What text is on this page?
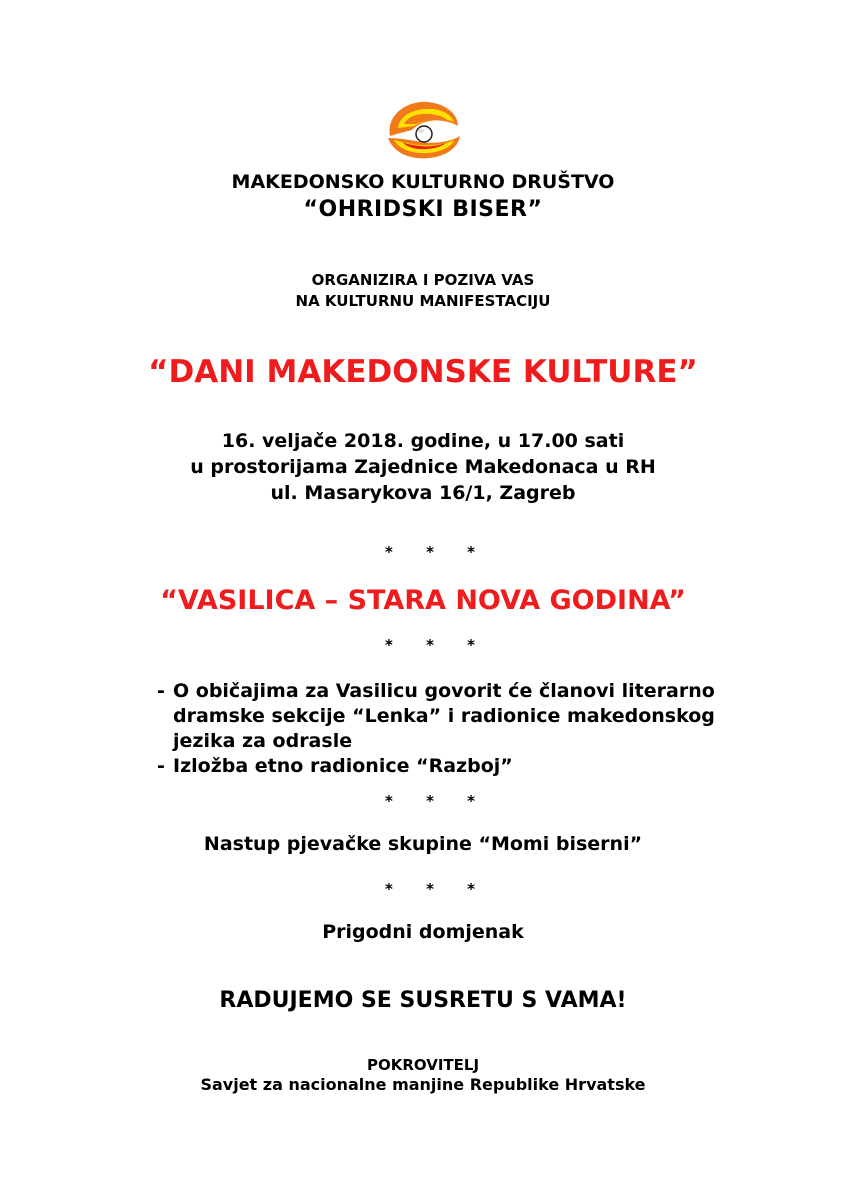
MAKEDONSKO KULTURNO DRUŠTVO
“OHRIDSKI BISER”
ORGANIZIRA I POZIVA VAS
NA KULTURNU MANIFESTACIJU
“DANI MAKEDONSKE KULTURE”
16. veljače 2018. godine, u 17.00 sati
u prostorijama Zajednice Makedonaca u RH
ul. Masarykova 16/1, Zagreb
* * *
“VASILICA – STARA NOVA GODINA”
* * *
- O običajima za Vasilicu govorit će članovi literarno
dramske sekcije “Lenka” i radionice makedonskog
jezika za odrasle
- Izložba etno radionice “Razboj”
* * *
Nastup pjevačke skupine “Momi biserni”
* * *
Prigodni domjenak
RADUJEMO SE SUSRETU S VAMA!
POKROVITELJ
Savjet za nacionalne manjine Republike Hrvatske
